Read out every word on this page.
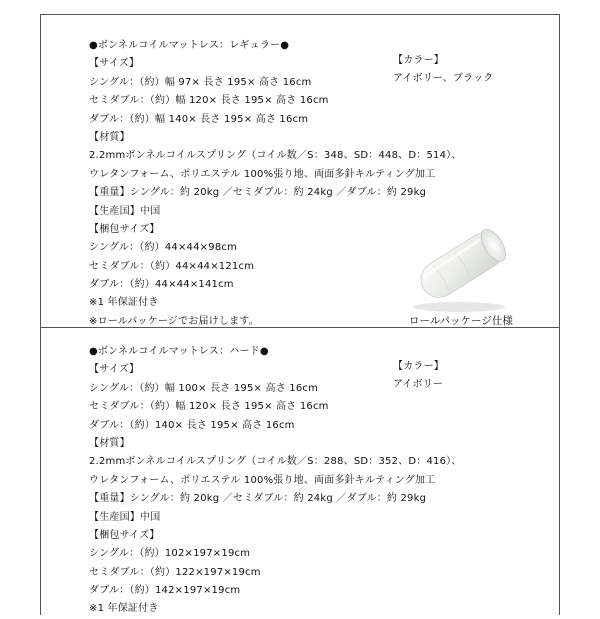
●ボンネルコイルマットレス：レギュラー●
【サイズ】
シングル：（約）幅 97× 長さ 195× 高さ 16cm
セミダブル：（約）幅 120× 長さ 195× 高さ 16cm
ダブル：（約）幅 140× 長さ 195× 高さ 16cm
【材質】
2.2mmボンネルコイルスプリング（コイル数／S：348、SD：448、D：514）、
ウレタンフォーム、ポリエステル 100%張り地、両面多針キルティング加工
【重量】シングル：約 20kg ／セミダブル：約 24kg ／ダブル：約 29kg
【生産国】中国
【梱包サイズ】
シングル：（約）44×44×98cm
セミダブル：（約）44×44×121cm
ダブル：（約）44×44×141cm
※1 年保証付き
※ロールパッケージでお届けします。
【カラー】
アイボリー、ブラック
ロールパッケージ仕様
●ボンネルコイルマットレス：ハード●
【サイズ】
シングル：（約）幅 100× 長さ 195× 高さ 16cm
セミダブル：（約）幅 120× 長さ 195× 高さ 16cm
ダブル：（約）140× 長さ 195× 高さ 16cm
【材質】
2.2mmボンネルコイルスプリング（コイル数／S：288、SD：352、D：416）、
ウレタンフォーム、ポリエステル 100%張り地、両面多針キルティング加工
【重量】シングル：約 20kg ／セミダブル：約 24kg ／ダブル：約 29kg
【生産国】中国
【梱包サイズ】
シングル：（約）102×197×19cm
セミダブル：（約）122×197×19cm
ダブル：（約）142×197×19cm
※1 年保証付き
【カラー】
アイボリー
